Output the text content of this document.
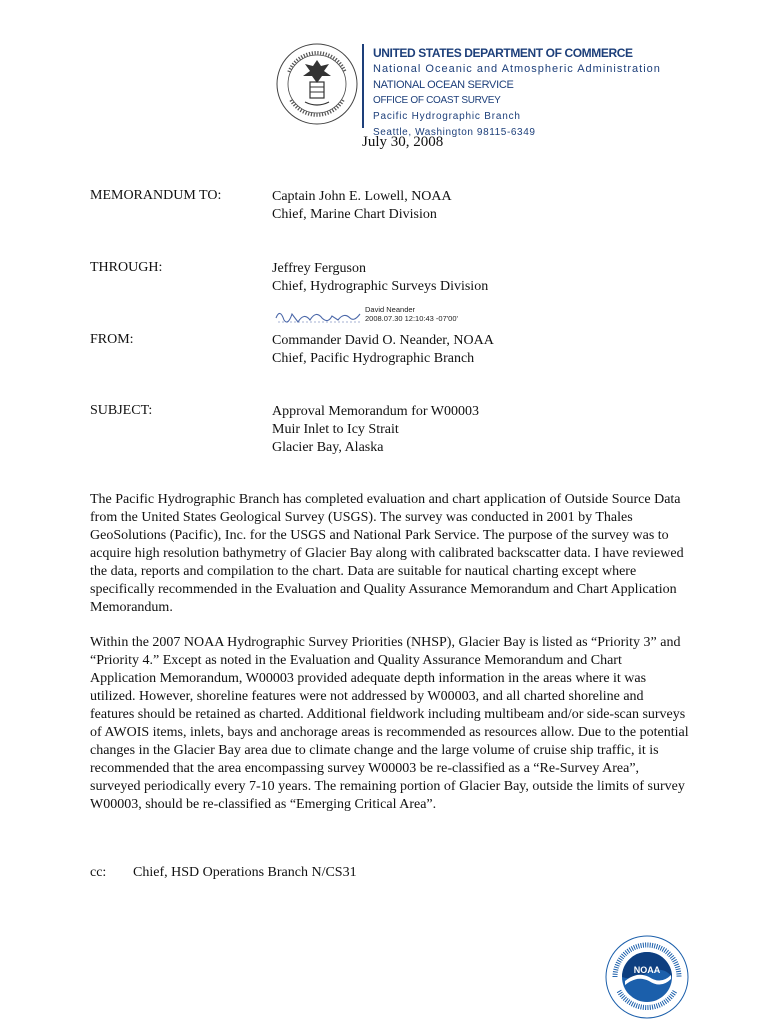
UNITED STATES DEPARTMENT OF COMMERCE
National Oceanic and Atmospheric Administration
NATIONAL OCEAN SERVICE
OFFICE OF COAST SURVEY
Pacific Hydrographic Branch
Seattle, Washington 98115-6349
July 30, 2008
MEMORANDUM TO:	Captain John E. Lowell, NOAA
Chief, Marine Chart Division
THROUGH:	Jeffrey Ferguson
Chief, Hydrographic Surveys Division
David Neander
2008.07.30 12:10:43 -07'00'
FROM:	Commander David O. Neander, NOAA
Chief, Pacific Hydrographic Branch
SUBJECT:	Approval Memorandum for W00003
Muir Inlet to Icy Strait
Glacier Bay, Alaska

The Pacific Hydrographic Branch has completed evaluation and chart application of Outside Source Data from the United States Geological Survey (USGS). The survey was conducted in 2001 by Thales GeoSolutions (Pacific), Inc. for the USGS and National Park Service. The purpose of the survey was to acquire high resolution bathymetry of Glacier Bay along with calibrated backscatter data. I have reviewed the data, reports and compilation to the chart. Data are suitable for nautical charting except where specifically recommended in the Evaluation and Quality Assurance Memorandum and Chart Application Memorandum.

Within the 2007 NOAA Hydrographic Survey Priorities (NHSP), Glacier Bay is listed as “Priority 3” and “Priority 4.” Except as noted in the Evaluation and Quality Assurance Memorandum and Chart Application Memorandum, W00003 provided adequate depth information in the areas where it was utilized. However, shoreline features were not addressed by W00003, and all charted shoreline and features should be retained as charted. Additional fieldwork including multibeam and/or side-scan surveys of AWOIS items, inlets, bays and anchorage areas is recommended as resources allow. Due to the potential changes in the Glacier Bay area due to climate change and the large volume of cruise ship traffic, it is recommended that the area encompassing survey W00003 be re-classified as a “Re-Survey Area”, surveyed periodically every 7-10 years. The remaining portion of Glacier Bay, outside the limits of survey W00003, should be re-classified as “Emerging Critical Area”.

cc: Chief, HSD Operations Branch N/CS31
NOAA
